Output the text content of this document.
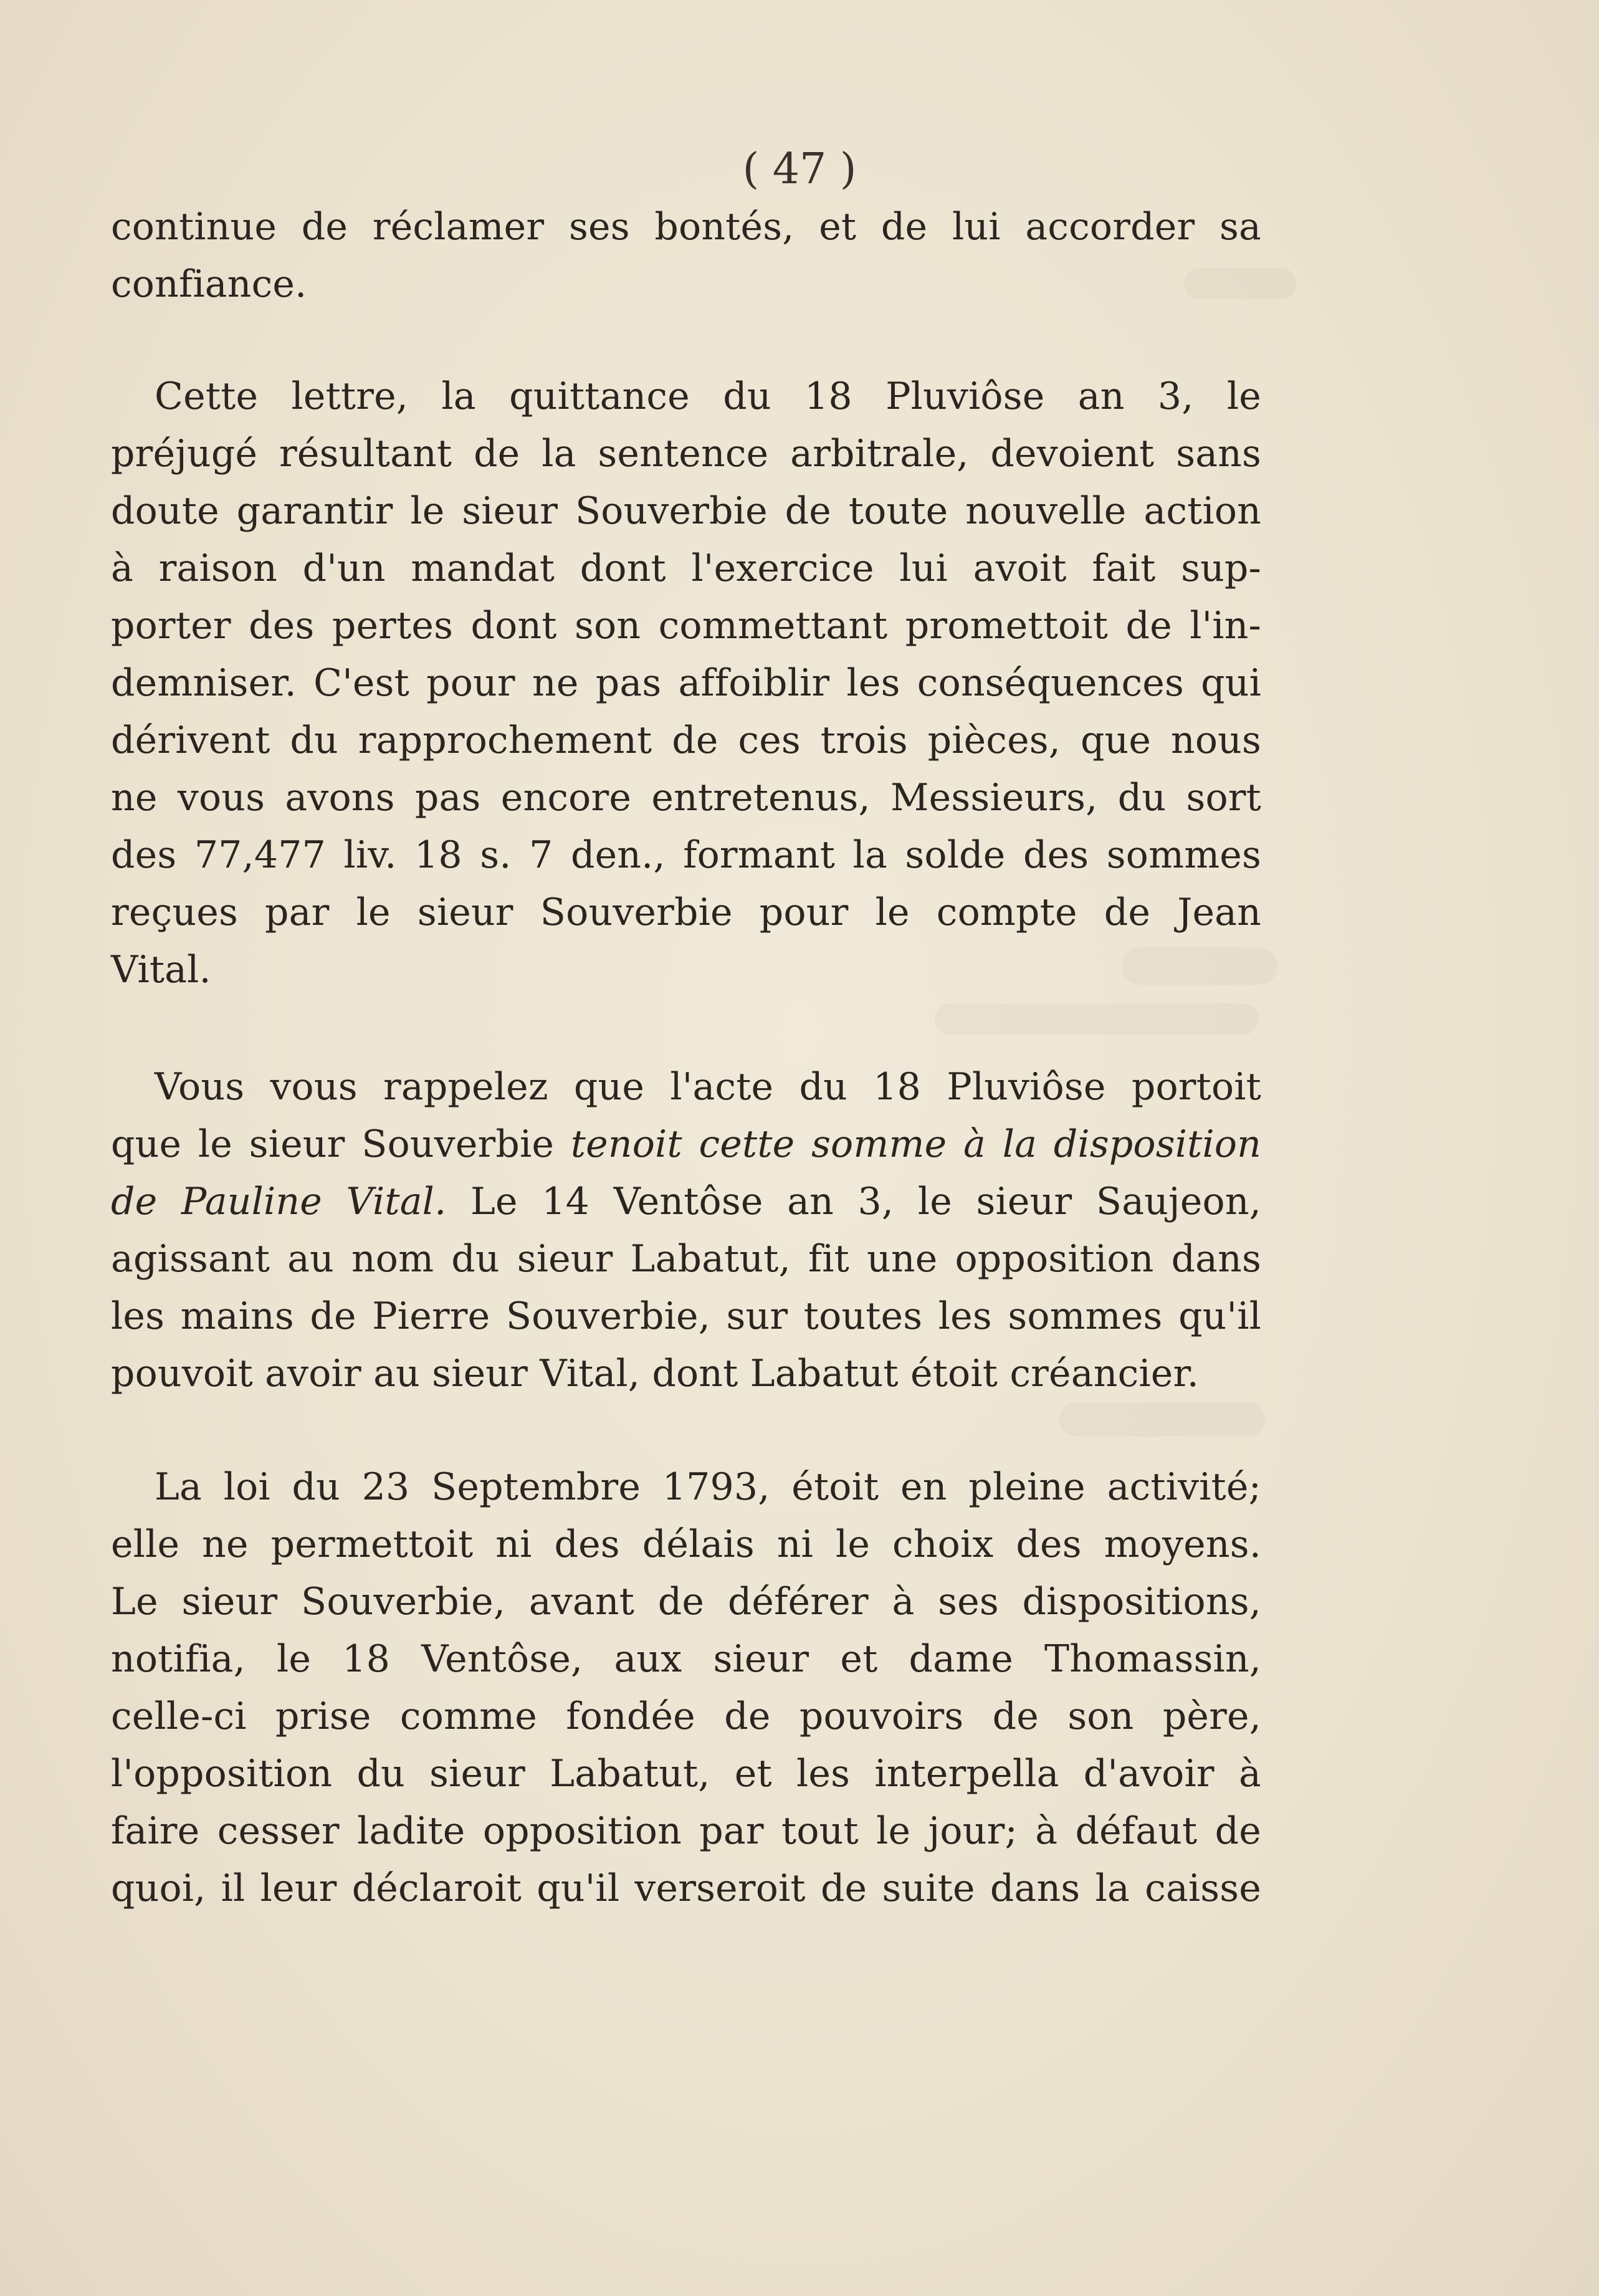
( 47 )
continue de réclamer ses bontés, et de lui accorder sa
confiance.
Cette lettre, la quittance du 18 Pluviôse an 3, le
préjugé résultant de la sentence arbitrale, devoient sans
doute garantir le sieur Souverbie de toute nouvelle action
à raison d'un mandat dont l'exercice lui avoit fait sup-
porter des pertes dont son commettant promettoit de l'in-
demniser. C'est pour ne pas affoiblir les conséquences qui
dérivent du rapprochement de ces trois pièces, que nous
ne vous avons pas encore entretenus, Messieurs, du sort
des 77,477 liv. 18 s. 7 den., formant la solde des sommes
reçues par le sieur Souverbie pour le compte de Jean
Vital.
Vous vous rappelez que l'acte du 18 Pluviôse portoit
que le sieur Souverbie tenoit cette somme à la disposition
de Pauline Vital. Le 14 Ventôse an 3, le sieur Saujeon,
agissant au nom du sieur Labatut, fit une opposition dans
les mains de Pierre Souverbie, sur toutes les sommes qu'il
pouvoit avoir au sieur Vital, dont Labatut étoit créancier.
La loi du 23 Septembre 1793, étoit en pleine activité;
elle ne permettoit ni des délais ni le choix des moyens.
Le sieur Souverbie, avant de déférer à ses dispositions,
notifia, le 18 Ventôse, aux sieur et dame Thomassin,
celle-ci prise comme fondée de pouvoirs de son père,
l'opposition du sieur Labatut, et les interpella d'avoir à
faire cesser ladite opposition par tout le jour; à défaut de
quoi, il leur déclaroit qu'il verseroit de suite dans la caisse
